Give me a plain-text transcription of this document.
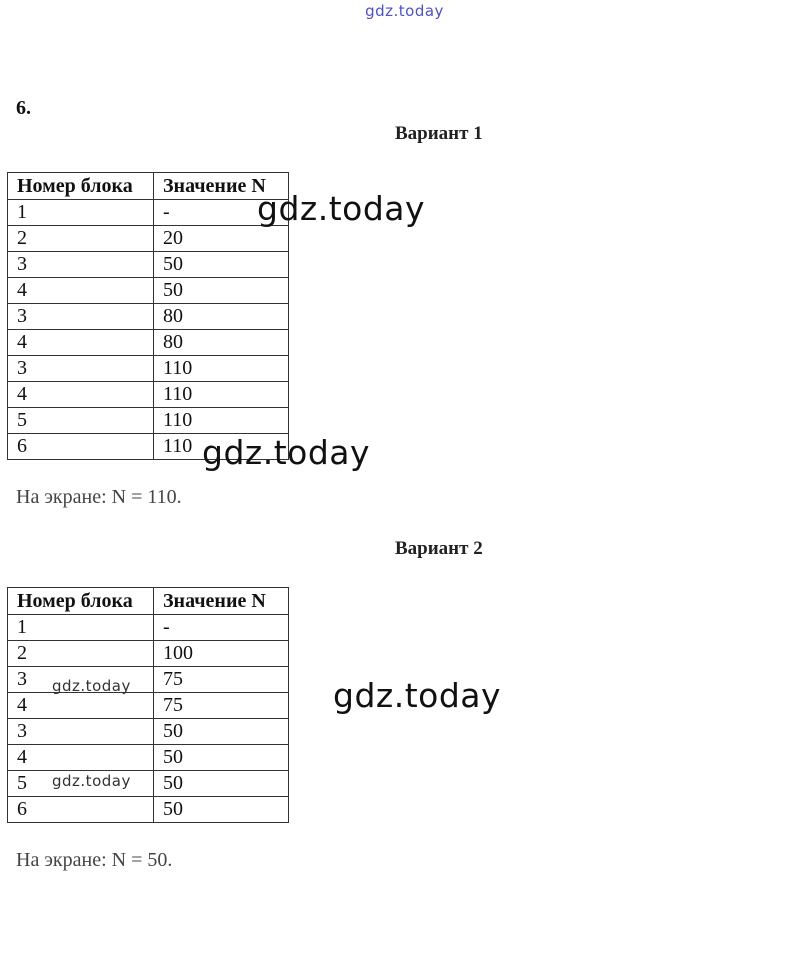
gdz.today
6.
Вариант 1
Номер блока	Значение N
1	-
2	20
3	50
4	50
3	80
4	80
3	110
4	110
5	110
6	110
На экране: N = 110.
Вариант 2
Номер блока	Значение N
1	-
2	100
3	75
4	75
3	50
4	50
5	50
6	50
На экране: N = 50.
gdz.today
gdz.today
gdz.today
gdz.today
gdz.today
